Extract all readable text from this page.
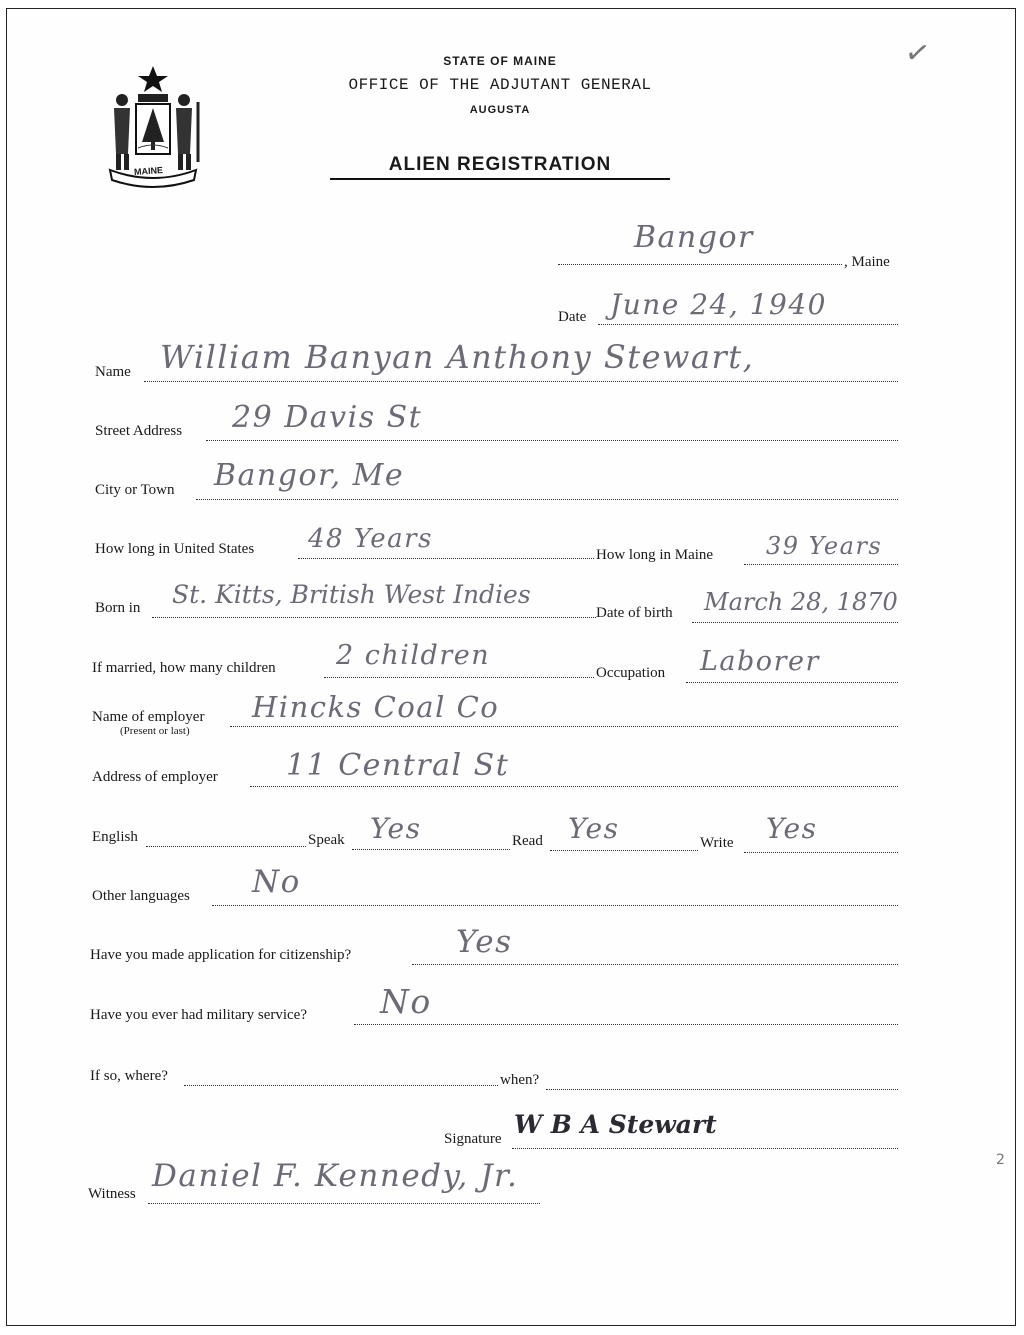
MAINE
STATE OF MAINE
OFFICE OF THE ADJUTANT GENERAL
AUGUSTA
ALIEN REGISTRATION
✓
2
Bangor
, Maine
Date June 24, 1940
Name William Banyan Anthony Stewart,
Street Address 29 Davis St
City or Town Bangor, Me
How long in United States 48 Years
How long in Maine 39 Years
Born in St. Kitts, British West Indies
Date of birth March 28, 1870
If married, how many children 2 children
Occupation Laborer
Name of employer
(Present or last)
Hincks Coal Co
Address of employer 11 Central St
English	Speak Yes	Read Yes	Write Yes
Other languages No
Have you made application for citizenship?	Yes
Have you ever had military service? No
If so, where?	when?
Signature W B A Stewart
Witness Daniel F. Kennedy, Jr.
